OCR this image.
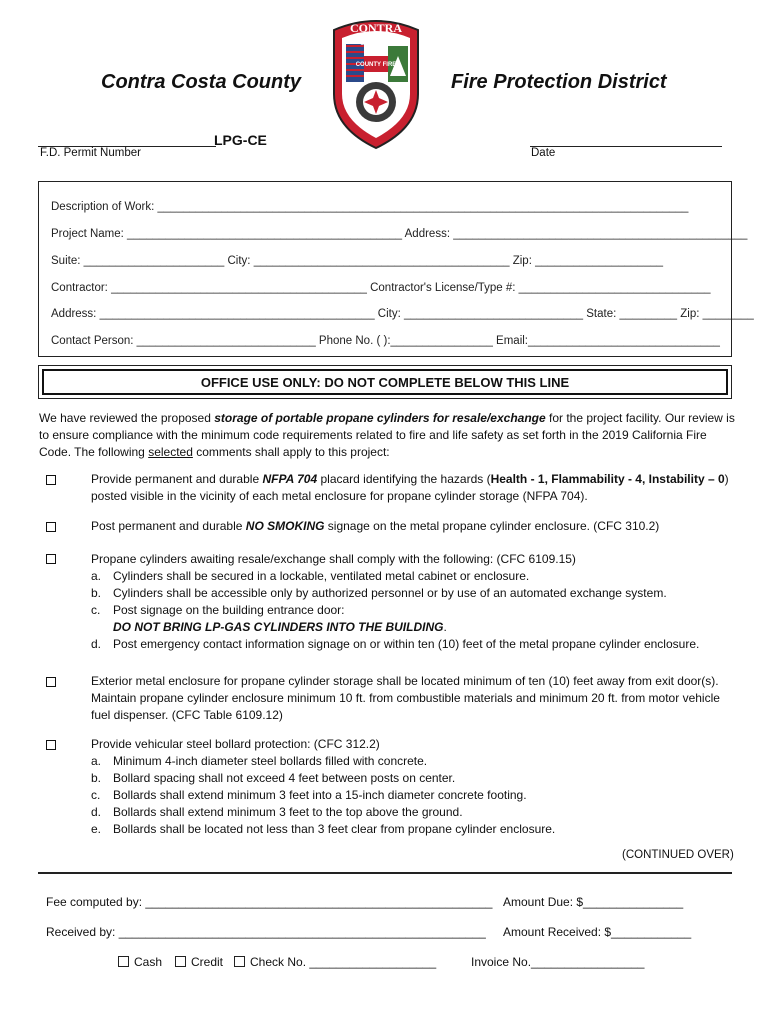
Contra Costa County	Fire Protection District
CONTRA
COSTA
COUNTY FIRE
LPG-CE
F.D. Permit Number	Date
Description of Work: ___________________________________________________________________________________
Project Name: ___________________________________________ Address: ______________________________________________
Suite: ______________________ City: ________________________________________ Zip: ____________________
Contractor: ________________________________________ Contractor's License/Type #: ______________________________
Address: ___________________________________________ City: ____________________________ State: _________ Zip: ________
Contact Person: ____________________________ Phone No. ( ):________________ Email:______________________________
OFFICE USE ONLY: DO NOT COMPLETE BELOW THIS LINE
We have reviewed the proposed storage of portable propane cylinders for resale/exchange for the project facility. Our review is to ensure compliance with the minimum code requirements related to fire and life safety as set forth in the 2019 California Fire Code. The following selected comments shall apply to this project:
Provide permanent and durable NFPA 704 placard identifying the hazards (Health - 1, Flammability - 4, Instability – 0) posted visible in the vicinity of each metal enclosure for propane cylinder storage (NFPA 704).
Post permanent and durable NO SMOKING signage on the metal propane cylinder enclosure. (CFC 310.2)
Propane cylinders awaiting resale/exchange shall comply with the following: (CFC 6109.15)
a. Cylinders shall be secured in a lockable, ventilated metal cabinet or enclosure.
b. Cylinders shall be accessible only by authorized personnel or by use of an automated exchange system.
c.	Post signage on the building entrance door:
DO NOT BRING LP-GAS CYLINDERS INTO THE BUILDING.
d. Post emergency contact information signage on or within ten (10) feet of the metal propane cylinder enclosure.
Exterior metal enclosure for propane cylinder storage shall be located minimum of ten (10) feet away from exit door(s). Maintain propane cylinder enclosure minimum 10 ft. from combustible materials and minimum 20 ft. from motor vehicle fuel dispenser. (CFC Table 6109.12)
Provide vehicular steel bollard protection: (CFC 312.2)
a. Minimum 4-inch diameter steel bollards filled with concrete.
b. Bollard spacing shall not exceed 4 feet between posts on center.
c.	Bollards shall extend minimum 3 feet into a 15-inch diameter concrete footing.
d. Bollards shall extend minimum 3 feet to the top above the ground.
e. Bollards shall be located not less than 3 feet clear from propane cylinder enclosure.
(CONTINUED OVER)
Fee computed by: ____________________________________________________ Amount Due: $_______________
Received by: _______________________________________________________ Amount Received: $____________
Cash	Credit	Check No. ___________________	Invoice No._________________
